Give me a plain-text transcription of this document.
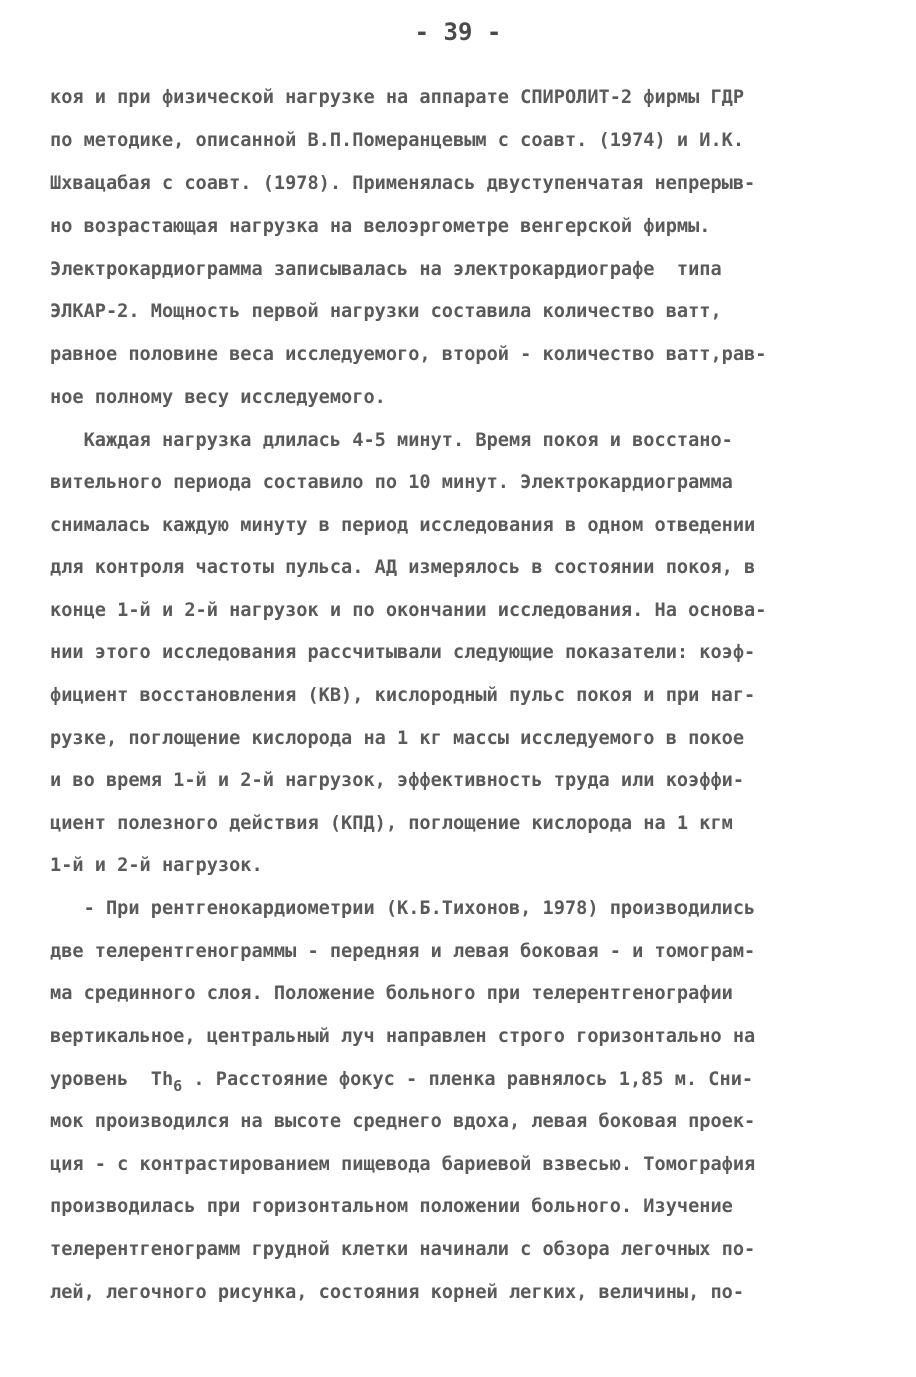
- 39 -
коя и при физической нагрузке на аппарате СПИРОЛИТ-2 фирмы ГДР
по методике, описанной В.П.Померанцевым с соавт. (1974) и И.К.
Шхвацабая с соавт. (1978). Применялась двуступенчатая непрерыв-
но возрастающая нагрузка на велоэргометре венгерской фирмы.
Электрокардиограмма записывалась на электрокардиографе  типа
ЭЛКАР-2. Мощность первой нагрузки составила количество ватт,
равное половине веса исследуемого, второй - количество ватт,рав-
ное полному весу исследуемого.
Каждая нагрузка длилась 4-5 минут. Время покоя и восстано-
вительного периода составило по 10 минут. Электрокардиограмма
снималась каждую минуту в период исследования в одном отведении
для контроля частоты пульса. АД измерялось в состоянии покоя, в
конце 1-й и 2-й нагрузок и по окончании исследования. На основа-
нии этого исследования рассчитывали следующие показатели: коэф-
фициент восстановления (КВ), кислородный пульс покоя и при наг-
рузке, поглощение кислорода на 1 кг массы исследуемого в покое
и во время 1-й и 2-й нагрузок, эффективность труда или коэффи-
циент полезного действия (КПД), поглощение кислорода на 1 кгм
1-й и 2-й нагрузок.
- При рентгенокардиометрии (К.Б.Тихонов, 1978) производились
две телерентгенограммы - передняя и левая боковая - и томограм-
ма срединного слоя. Положение больного при телерентгенографии
вертикальное, центральный луч направлен строго горизонтально на
уровень  $Th_6$ . Расстояние фокус - пленка равнялось 1,85 м. Сни-
мок производился на высоте среднего вдоха, левая боковая проек-
ция - с контрастированием пищевода бариевой взвесью. Томография
производилась при горизонтальном положении больного. Изучение
телерентгенограмм грудной клетки начинали с обзора легочных по-
лей, легочного рисунка, состояния корней легких, величины, по-
